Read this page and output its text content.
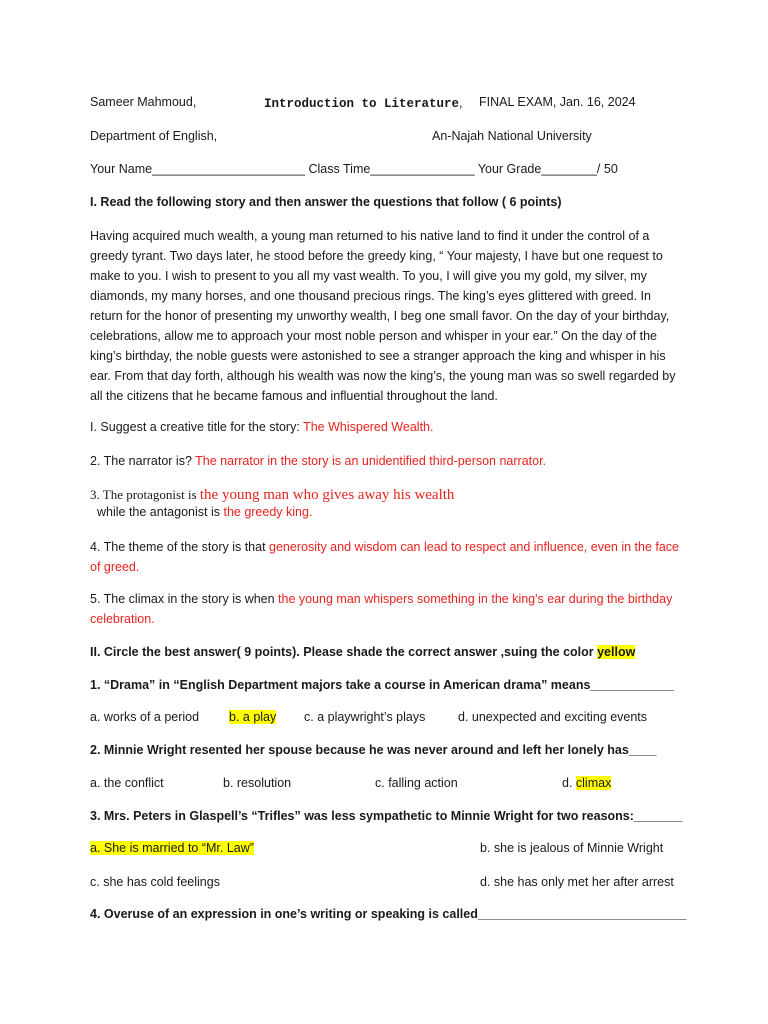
Sameer Mahmoud,	Introduction to Literature, FINAL EXAM, Jan. 16, 2024
Department of English,	An-Najah National University
Your Name______________________ Class Time_______________ Your Grade________/ 50
I. Read the following story and then answer the questions that follow ( 6 points)
Having acquired much wealth, a young man returned to his native land to find it under the control of a greedy tyrant. Two days later, he stood before the greedy king, “ Your majesty, I have but one request to make to you. I wish to present to you all my vast wealth. To you, I will give you my gold, my silver, my diamonds, my many horses, and one thousand precious rings. The king’s eyes glittered with greed. In return for the honor of presenting my unworthy wealth, I beg one small favor. On the day of your birthday, celebrations, allow me to approach your most noble person and whisper in your ear.” On the day of the king’s birthday, the noble guests were astonished to see a stranger approach the king and whisper in his ear. From that day forth, although his wealth was now the king’s, the young man was so swell regarded by all the citizens that he became famous and influential throughout the land.
I. Suggest a creative title for the story: The Whispered Wealth.
2. The narrator is? The narrator in the story is an unidentified third-person narrator.
3. The protagonist is the young man who gives away his wealth
while the antagonist is the greedy king.
4. The theme of the story is that generosity and wisdom can lead to respect and influence, even in the face of greed.
5. The climax in the story is when the young man whispers something in the king's ear during the birthday celebration.
II. Circle the best answer( 9 points). Please shade the correct answer ,suing the color yellow
1. “Drama” in “English Department majors take a course in American drama” means____________
a. works of a period b. a play c. a playwright’s plays	d. unexpected and exciting events
2. Minnie Wright resented her spouse because he was never around and left her lonely has____
a. the conflict	b. resolution	c. falling action	d. climax
3. Mrs. Peters in Glaspell’s “Trifles” was less sympathetic to Minnie Wright for two reasons:_______
a. She is married to “Mr. Law”	b. she is jealous of Minnie Wright
c. she has cold feelings	d. she has only met her after arrest
4. Overuse of an expression in one’s writing or speaking is called______________________________
